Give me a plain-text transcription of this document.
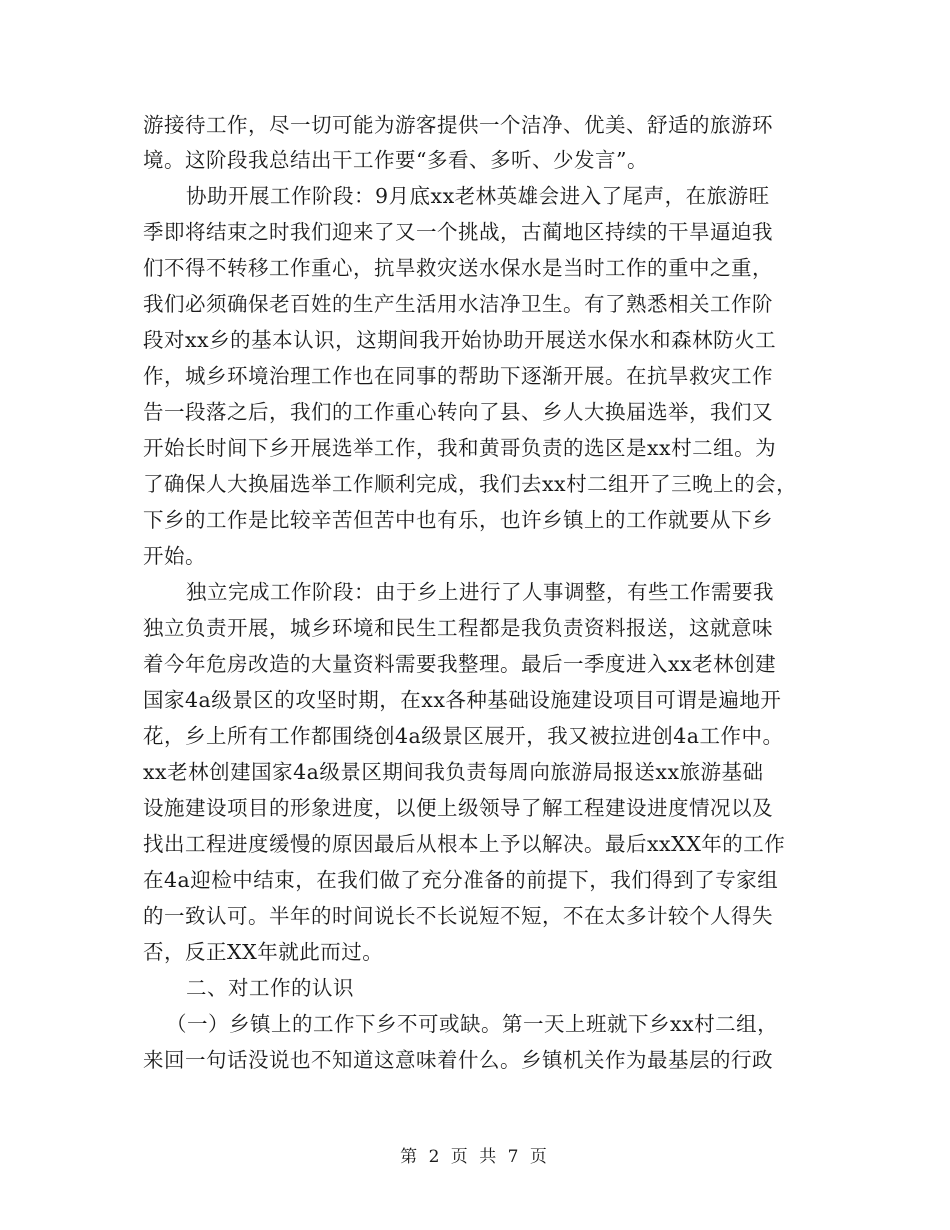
游接待工作，尽一切可能为游客提供一个洁净、优美、舒适的旅游环
境。这阶段我总结出干工作要“多看、多听、少发言”。
协助开展工作阶段：9月底xx老林英雄会进入了尾声，在旅游旺
季即将结束之时我们迎来了又一个挑战，古蔺地区持续的干旱逼迫我
们不得不转移工作重心，抗旱救灾送水保水是当时工作的重中之重，
我们必须确保老百姓的生产生活用水洁净卫生。有了熟悉相关工作阶
段对xx乡的基本认识，这期间我开始协助开展送水保水和森林防火工
作，城乡环境治理工作也在同事的帮助下逐渐开展。在抗旱救灾工作
告一段落之后，我们的工作重心转向了县、乡人大换届选举，我们又
开始长时间下乡开展选举工作，我和黄哥负责的选区是xx村二组。为
了确保人大换届选举工作顺利完成，我们去xx村二组开了三晚上的会，
下乡的工作是比较辛苦但苦中也有乐，也许乡镇上的工作就要从下乡
开始。
独立完成工作阶段：由于乡上进行了人事调整，有些工作需要我
独立负责开展，城乡环境和民生工程都是我负责资料报送，这就意味
着今年危房改造的大量资料需要我整理。最后一季度进入xx老林创建
国家4a级景区的攻坚时期，在xx各种基础设施建设项目可谓是遍地开
花，乡上所有工作都围绕创4a级景区展开，我又被拉进创4a工作中。
xx老林创建国家4a级景区期间我负责每周向旅游局报送xx旅游基础
设施建设项目的形象进度，以便上级领导了解工程建设进度情况以及
找出工程进度缓慢的原因最后从根本上予以解决。最后xxXX年的工作
在4a迎检中结束，在我们做了充分准备的前提下，我们得到了专家组
的一致认可。半年的时间说长不长说短不短，不在太多计较个人得失
否，反正XX年就此而过。
二、对工作的认识
（一）乡镇上的工作下乡不可或缺。第一天上班就下乡xx村二组，
来回一句话没说也不知道这意味着什么。乡镇机关作为最基层的行政
第 2 页 共 7 页
